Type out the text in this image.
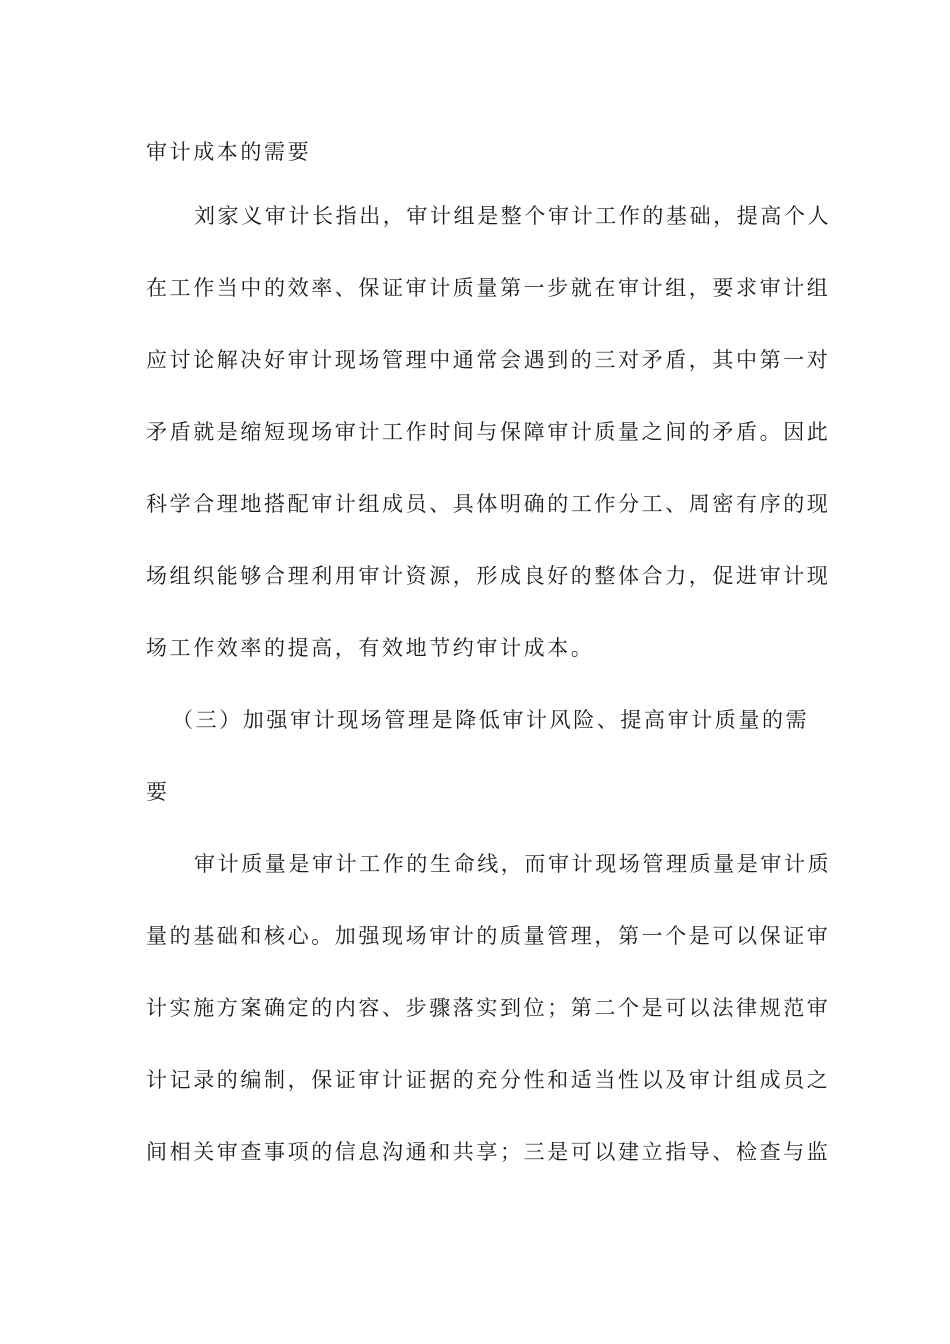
审计成本的需要
刘家义审计长指出，审计组是整个审计工作的基础，提高个人
在工作当中的效率、保证审计质量第一步就在审计组，要求审计组
应讨论解决好审计现场管理中通常会遇到的三对矛盾，其中第一对
矛盾就是缩短现场审计工作时间与保障审计质量之间的矛盾。因此
科学合理地搭配审计组成员、具体明确的工作分工、周密有序的现
场组织能够合理利用审计资源，形成良好的整体合力，促进审计现
场工作效率的提高，有效地节约审计成本。
（三）加强审计现场管理是降低审计风险、提高审计质量的需
要
审计质量是审计工作的生命线，而审计现场管理质量是审计质
量的基础和核心。加强现场审计的质量管理，第一个是可以保证审
计实施方案确定的内容、步骤落实到位；第二个是可以法律规范审
计记录的编制，保证审计证据的充分性和适当性以及审计组成员之
间相关审查事项的信息沟通和共享；三是可以建立指导、检查与监
